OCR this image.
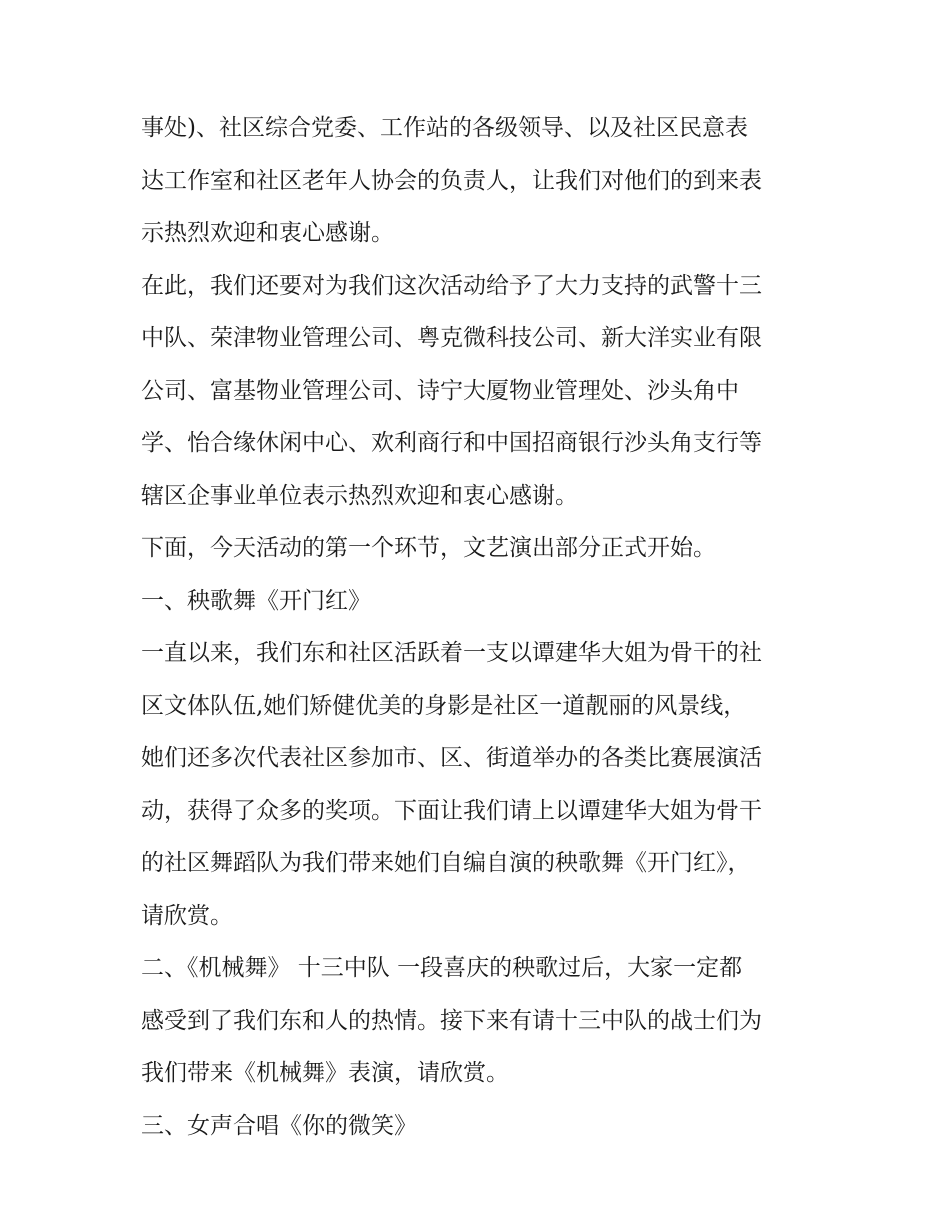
事处)、社区综合党委、工作站的各级领导、以及社区民意表
达工作室和社区老年人协会的负责人，让我们对他们的到来表
示热烈欢迎和衷心感谢。
在此，我们还要对为我们这次活动给予了大力支持的武警十三
中队、荣津物业管理公司、粤克微科技公司、新大洋实业有限
公司、富基物业管理公司、诗宁大厦物业管理处、沙头角中
学、怡合缘休闲中心、欢利商行和中国招商银行沙头角支行等
辖区企事业单位表示热烈欢迎和衷心感谢。
下面，今天活动的第一个环节，文艺演出部分正式开始。
一、秧歌舞《开门红》
一直以来，我们东和社区活跃着一支以谭建华大姐为骨干的社
区文体队伍,她们矫健优美的身影是社区一道靓丽的风景线，
她们还多次代表社区参加市、区、街道举办的各类比赛展演活
动，获得了众多的奖项。下面让我们请上以谭建华大姐为骨干
的社区舞蹈队为我们带来她们自编自演的秧歌舞《开门红》，
请欣赏。
二、《机械舞》 十三中队 一段喜庆的秧歌过后，大家一定都
感受到了我们东和人的热情。接下来有请十三中队的战士们为
我们带来《机械舞》表演，请欣赏。
三、女声合唱《你的微笑》
